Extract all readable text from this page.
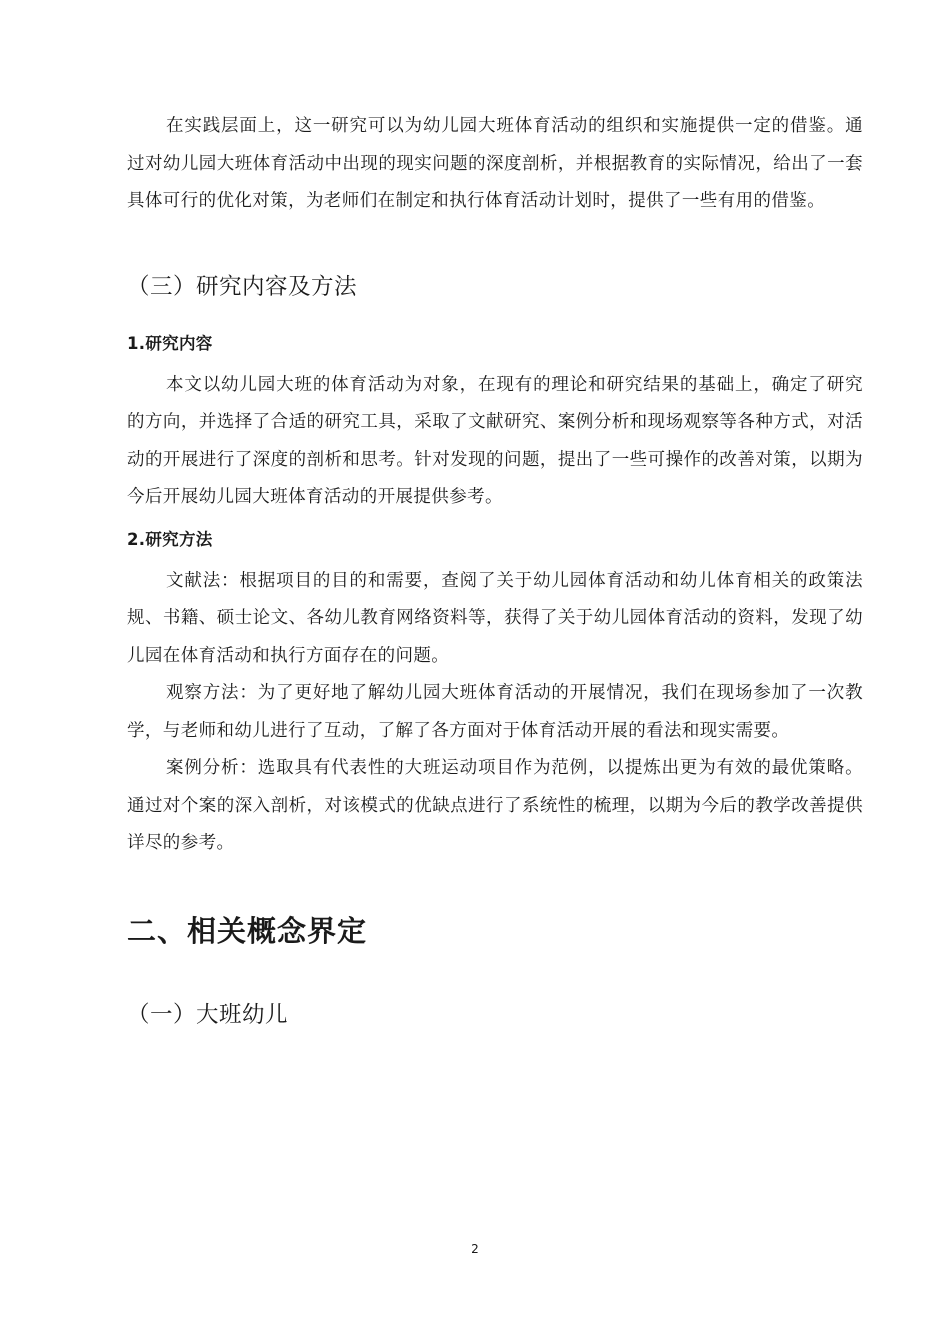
在实践层面上，这一研究可以为幼儿园大班体育活动的组织和实施提供一定的借鉴。通过对幼儿园大班体育活动中出现的现实问题的深度剖析，并根据教育的实际情况，给出了一套具体可行的优化对策，为老师们在制定和执行体育活动计划时，提供了一些有用的借鉴。

（三）研究内容及方法
1.研究内容

本文以幼儿园大班的体育活动为对象，在现有的理论和研究结果的基础上，确定了研究的方向，并选择了合适的研究工具，采取了文献研究、案例分析和现场观察等各种方式，对活动的开展进行了深度的剖析和思考。针对发现的问题，提出了一些可操作的改善对策，以期为今后开展幼儿园大班体育活动的开展提供参考。

2.研究方法

文献法：根据项目的目的和需要，查阅了关于幼儿园体育活动和幼儿体育相关的政策法规、书籍、硕士论文、各幼儿教育网络资料等，获得了关于幼儿园体育活动的资料，发现了幼儿园在体育活动和执行方面存在的问题。

观察方法：为了更好地了解幼儿园大班体育活动的开展情况，我们在现场参加了一次教学，与老师和幼儿进行了互动，了解了各方面对于体育活动开展的看法和现实需要。

案例分析：选取具有代表性的大班运动项目作为范例，以提炼出更为有效的最优策略。通过对个案的深入剖析，对该模式的优缺点进行了系统性的梳理，以期为今后的教学改善提供详尽的参考。

二、相关概念界定
（一）大班幼儿
2
